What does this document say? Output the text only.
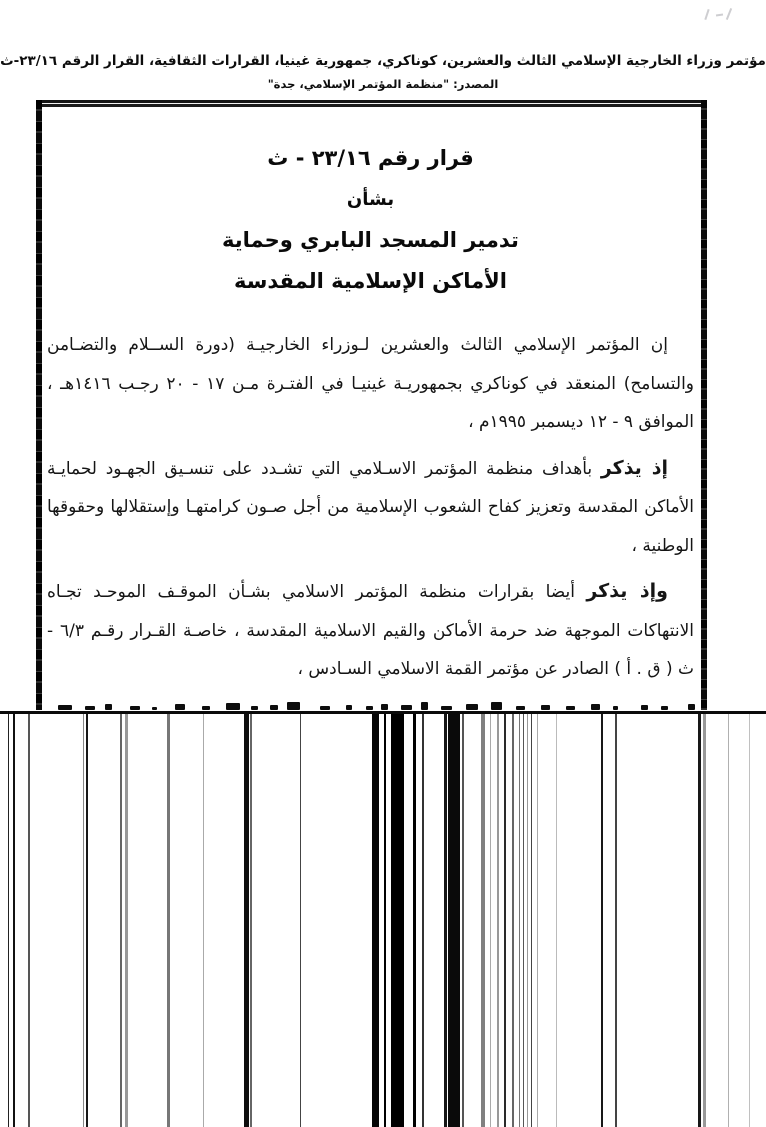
مؤتمر وزراء الخارجية الإسلامي الثالث والعشرين، كوناكري، جمهورية غينيا، القرارات الثقافية، القرار الرقم ٢٣/١٦-ث
المصدر: "منظمة المؤتمر الإسلامي، جدة"
قرار رقم ٢٣/١٦ - ث
بشأن
تدمير المسجد البابري وحماية
الأماكن الإسلامية المقدسة
إن المؤتمر الإسلامي الثالث والعشرين لـوزراء الخارجيـة (دورة الســلام والتضـامن
والتسامح) المنعقد في كوناكري بجمهوريـة غينيـا في الفتـرة مـن ١٧ - ٢٠ رجـب ١٤١٦هـ ،
الموافق ٩ - ١٢ ديسمبر ١٩٩٥م ،
إذ يذكر بأهداف منظمة المؤتمر الاسـلامي التي تشـدد على تنسـيق الجهـود لحمايـة
الأماكن المقدسة وتعزيز كفاح الشعوب الإسلامية من أجل صـون كرامتهـا وإستقلالها وحقوقها
الوطنية ،
وإذ يذكر أيضا بقرارات منظمة المؤتمر الاسلامي بشـأن الموقـف الموحـد تجـاه
الانتهاكات الموجهة ضد حرمة الأماكن والقيم الاسلامية المقدسة ، خاصـة القـرار رقـم ٦/٣ -
ث ( ق . أ ) الصادر عن مؤتمر القمة الاسلامي السـادس ،
